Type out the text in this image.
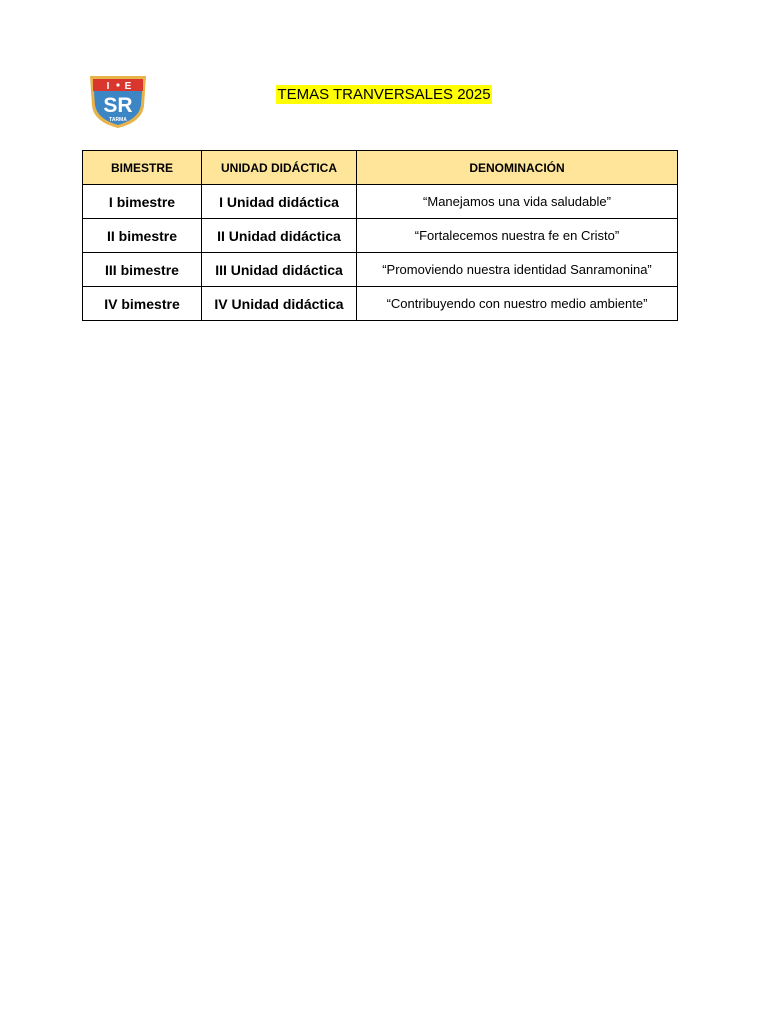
I E
SR
TARMA
TEMAS TRANVERSALES 2025
BIMESTRE	UNIDAD DIDÁCTICA	DENOMINACIÓN
I bimestre	I Unidad didáctica	“Manejamos una vida saludable”
II bimestre	II Unidad didáctica	“Fortalecemos nuestra fe en Cristo”
III bimestre	III Unidad didáctica	“Promoviendo nuestra identidad Sanramonina”
IV bimestre	IV Unidad didáctica	“Contribuyendo con nuestro medio ambiente”
